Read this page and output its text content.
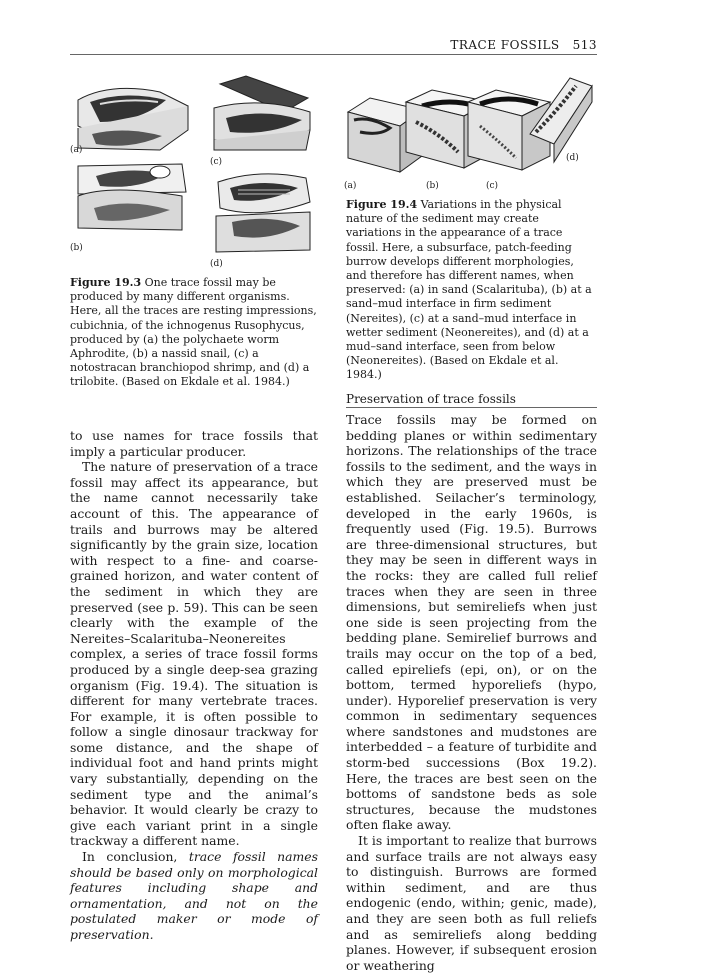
TRACE FOSSILS 513
(a)
(c)
(b)
(d)
Figure 19.3 One trace fossil may be produced by many different organisms. Here, all the traces are resting impressions, cubichnia, of the ichnogenus Rusophycus, produced by (a) the polychaete worm Aphrodite, (b) a nassid snail, (c) a notostracan branchiopod shrimp, and (d) a trilobite. (Based on Ekdale et al. 1984.)
(a)	(b)	(c)
(d)
Figure 19.4 Variations in the physical nature of the sediment may create variations in the appearance of a trace fossil. Here, a subsurface, patch-feeding burrow develops different morphologies, and therefore has different names, when preserved: (a) in sand (Scalarituba), (b) at a sand–mud interface in firm sediment (Nereites), (c) at a sand–mud interface in wetter sediment (Neonereites), and (d) at a mud–sand interface, seen from below (Neonereites). (Based on Ekdale et al. 1984.)
Preservation of trace fossils

to use names for trace fossils that imply a particular producer.

The nature of preservation of a trace fossil may affect its appearance, but the name cannot necessarily take account of this. The appearance of trails and burrows may be altered significantly by the grain size, location with respect to a fine- and coarse-grained horizon, and water content of the sediment in which they are preserved (see p. 59). This can be seen clearly with the example of the Nereites–Scalarituba–Neonereites complex, a series of trace fossil forms produced by a single deep-sea grazing organism (Fig. 19.4). The situation is different for many vertebrate traces. For example, it is often possible to follow a single dinosaur trackway for some distance, and the shape of individual foot and hand prints might vary substantially, depending on the sediment type and the animal’s behavior. It would clearly be crazy to give each variant print in a single trackway a different name.

In conclusion, trace fossil names should be based only on morphological features including shape and ornamentation, and not on the postulated maker or mode of preservation.

Trace fossils may be formed on bedding planes or within sedimentary horizons. The relationships of the trace fossils to the sediment, and the ways in which they are preserved must be established. Seilacher’s terminology, developed in the early 1960s, is frequently used (Fig. 19.5). Burrows are three-dimensional structures, but they may be seen in different ways in the rocks: they are called full relief traces when they are seen in three dimensions, but semireliefs when just one side is seen projecting from the bedding plane. Semirelief burrows and trails may occur on the top of a bed, called epireliefs (epi, on), or on the bottom, termed hyporeliefs (hypo, under). Hyporelief preservation is very common in sedimentary sequences where sandstones and mudstones are interbedded – a feature of turbidite and storm-bed successions (Box 19.2). Here, the traces are best seen on the bottoms of sandstone beds as sole structures, because the mudstones often flake away.

It is important to realize that burrows and surface trails are not always easy to distinguish. Burrows are formed within sediment, and are thus endogenic (endo, within; genic, made), and they are seen both as full reliefs and as semireliefs along bedding planes. However, if subsequent erosion or weathering
